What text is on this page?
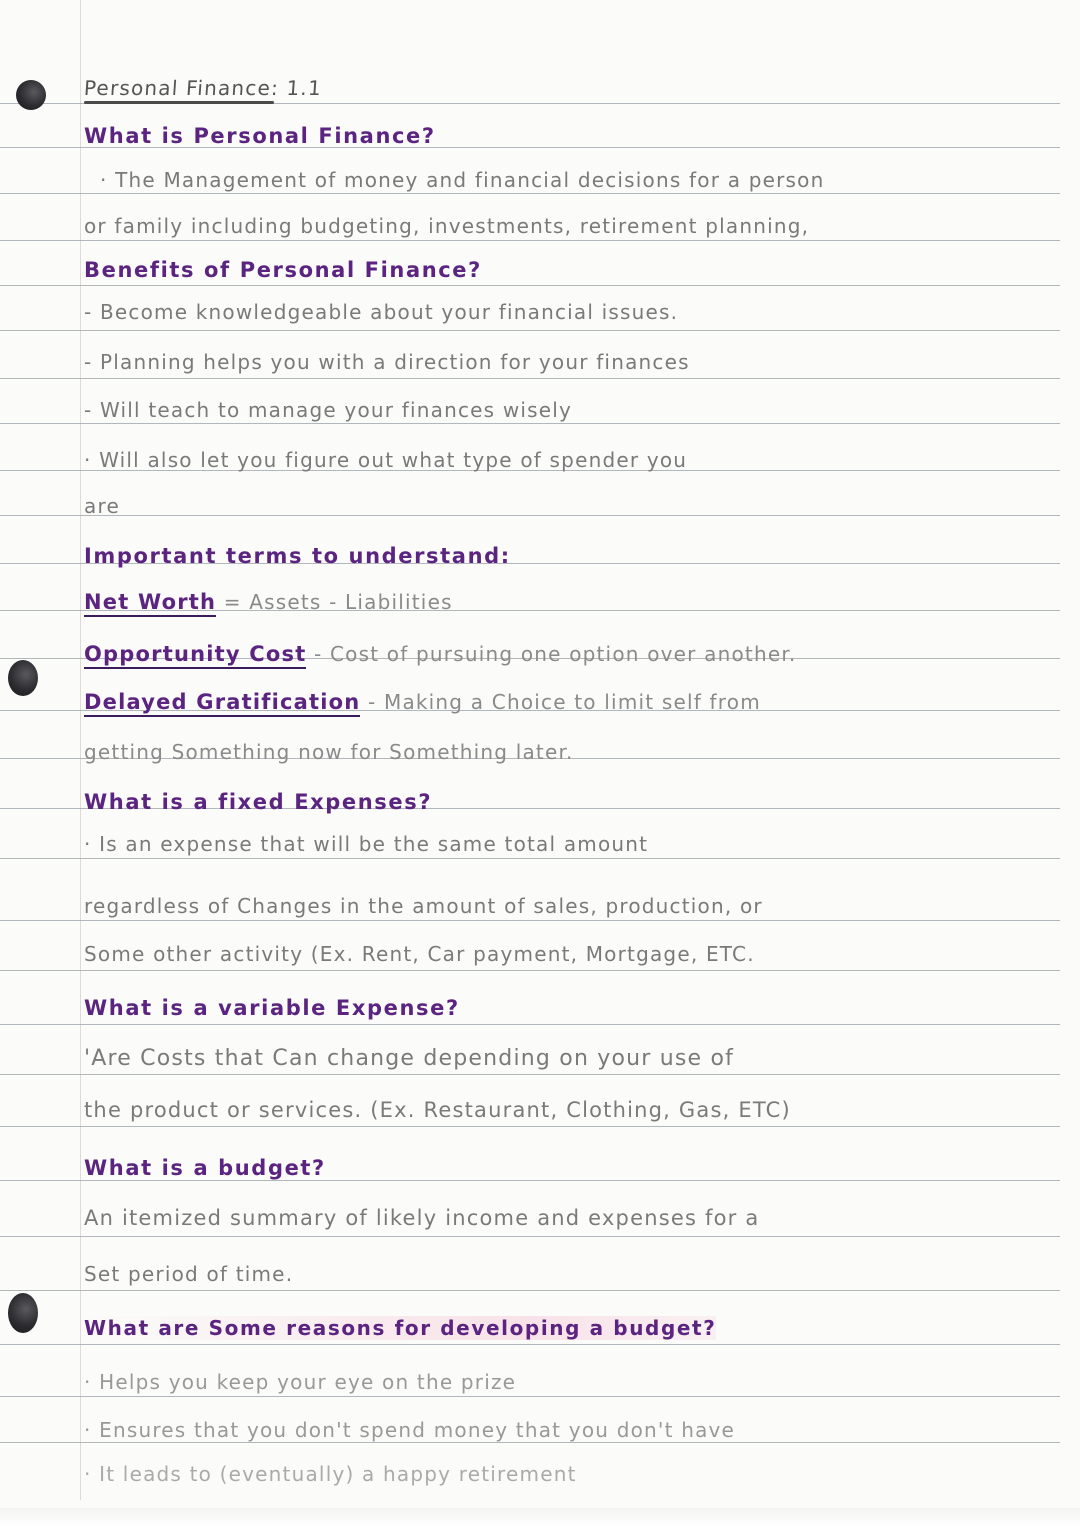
Personal Finance: 1.1
What is Personal Finance?
· The Management of money and financial decisions for a person
or family including budgeting, investments, retirement planning,
Benefits of Personal Finance?
- Become knowledgeable about your financial issues.
- Planning helps you with a direction for your finances
- Will teach to manage your finances wisely
· Will also let you figure out what type of spender you
are
Important terms to understand:
Net Worth = Assets - Liabilities
Opportunity Cost - Cost of pursuing one option over another.
Delayed Gratification - Making a Choice to limit self from
getting Something now for Something later.
What is a fixed Expenses?
· Is an expense that will be the same total amount
regardless of Changes in the amount of sales, production, or
Some other activity (Ex. Rent, Car payment, Mortgage, ETC.
What is a variable Expense?
'Are Costs that Can change depending on your use of
the product or services. (Ex. Restaurant, Clothing, Gas, ETC)
What is a budget?
An itemized summary of likely income and expenses for a
Set period of time.
What are Some reasons for developing a budget?
· Helps you keep your eye on the prize
· Ensures that you don't spend money that you don't have
· It leads to (eventually) a happy retirement
